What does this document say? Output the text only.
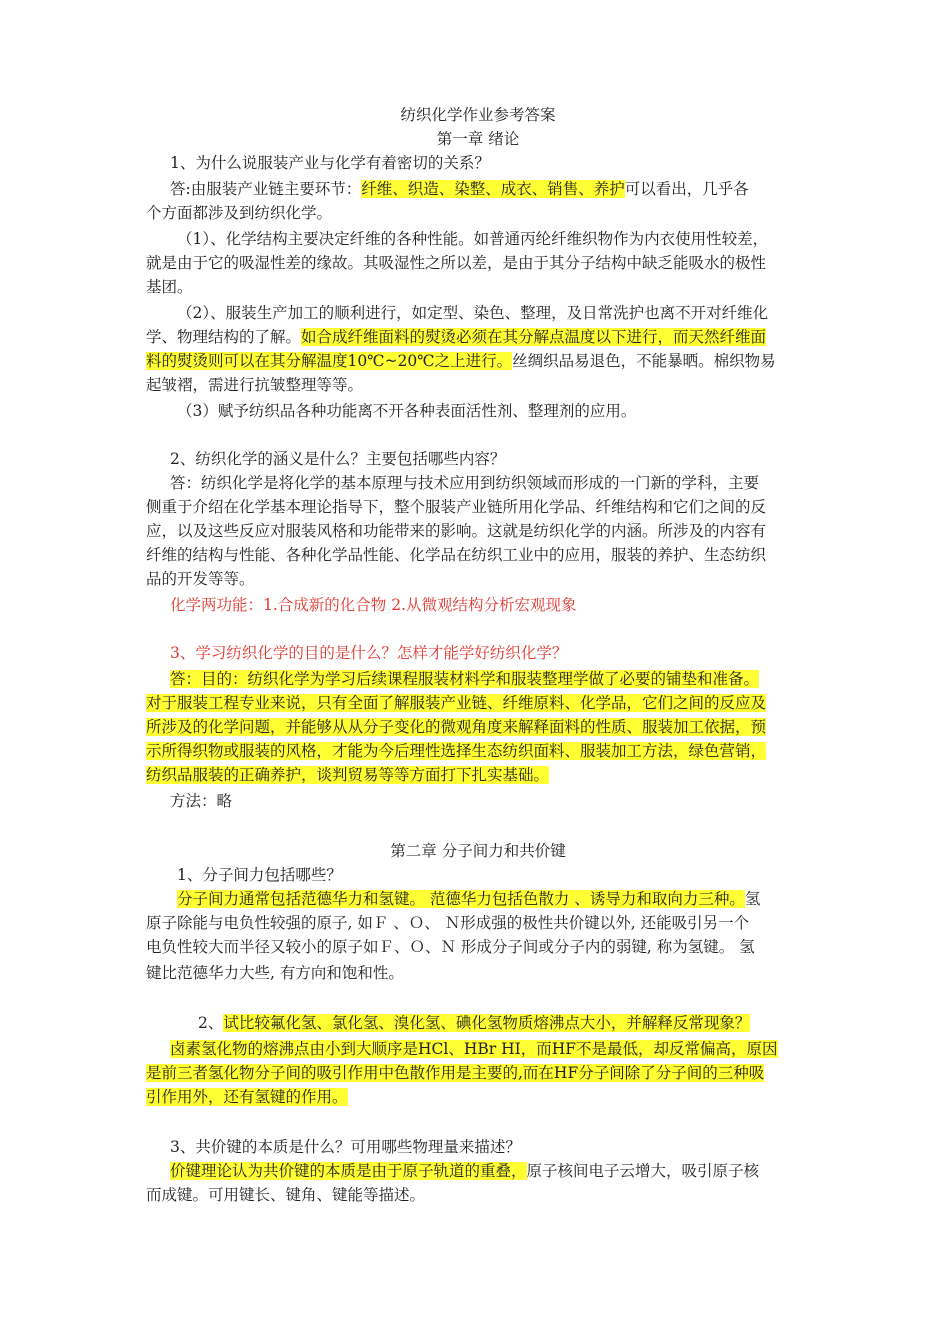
纺织化学作业参考答案
第一章 绪论
1、为什么说服装产业与化学有着密切的关系？
答:由服装产业链主要环节：纤维、织造、染整、成衣、销售、养护可以看出，几乎各
个方面都涉及到纺织化学。
（1）、化学结构主要决定纤维的各种性能。如普通丙纶纤维织物作为内衣使用性较差，
就是由于它的吸湿性差的缘故。其吸湿性之所以差，是由于其分子结构中缺乏能吸水的极性
基团。
（2）、服装生产加工的顺利进行，如定型、染色、整理，及日常洗护也离不开对纤维化
学、物理结构的了解。如合成纤维面料的熨烫必须在其分解点温度以下进行，而天然纤维面
料的熨烫则可以在其分解温度10℃~20℃之上进行。丝绸织品易退色，不能暴晒。棉织物易
起皱褶，需进行抗皱整理等等。
（3）赋予纺织品各种功能离不开各种表面活性剂、整理剂的应用。
2、纺织化学的涵义是什么？主要包括哪些内容？
答：纺织化学是将化学的基本原理与技术应用到纺织领域而形成的一门新的学科，主要
侧重于介绍在化学基本理论指导下，整个服装产业链所用化学品、纤维结构和它们之间的反
应，以及这些反应对服装风格和功能带来的影响。这就是纺织化学的内涵。所涉及的内容有
纤维的结构与性能、各种化学品性能、化学品在纺织工业中的应用，服装的养护、生态纺织
品的开发等等。
化学两功能：1.合成新的化合物 2.从微观结构分析宏观现象
3、学习纺织化学的目的是什么？怎样才能学好纺织化学？
答：目的：纺织化学为学习后续课程服装材料学和服装整理学做了必要的铺垫和准备。
对于服装工程专业来说，只有全面了解服装产业链、纤维原料、化学品，它们之间的反应及
所涉及的化学问题，并能够从从分子变化的微观角度来解释面料的性质、服装加工依据，预
示所得织物或服装的风格，才能为今后理性选择生态纺织面料、服装加工方法，绿色营销，
纺织品服装的正确养护，谈判贸易等等方面打下扎实基础。
方法：略
第二章 分子间力和共价键
1、分子间力包括哪些？
分子间力通常包括范德华力和氢键。 范德华力包括色散力 、诱导力和取向力三种。氢
原子除能与电负性较强的原子, 如Ｆ 、Ｏ、 Ｎ形成强的极性共价键以外, 还能吸引另一个
电负性较大而半径又较小的原子如Ｆ、Ｏ、Ｎ 形成分子间或分子内的弱键, 称为氢键。 氢
键比范德华力大些, 有方向和饱和性。
2、试比较氟化氢、氯化氢、溴化氢、碘化氢物质熔沸点大小，并解释反常现象？
卤素氢化物的熔沸点由小到大顺序是HCl、HBr HI，而HF不是最低，却反常偏高，原因
是前三者氢化物分子间的吸引作用中色散作用是主要的,而在HF分子间除了分子间的三种吸
引作用外，还有氢键的作用。
3、共价键的本质是什么？可用哪些物理量来描述？
价键理论认为共价键的本质是由于原子轨道的重叠，原子核间电子云增大，吸引原子核
而成键。可用键长、键角、键能等描述。
